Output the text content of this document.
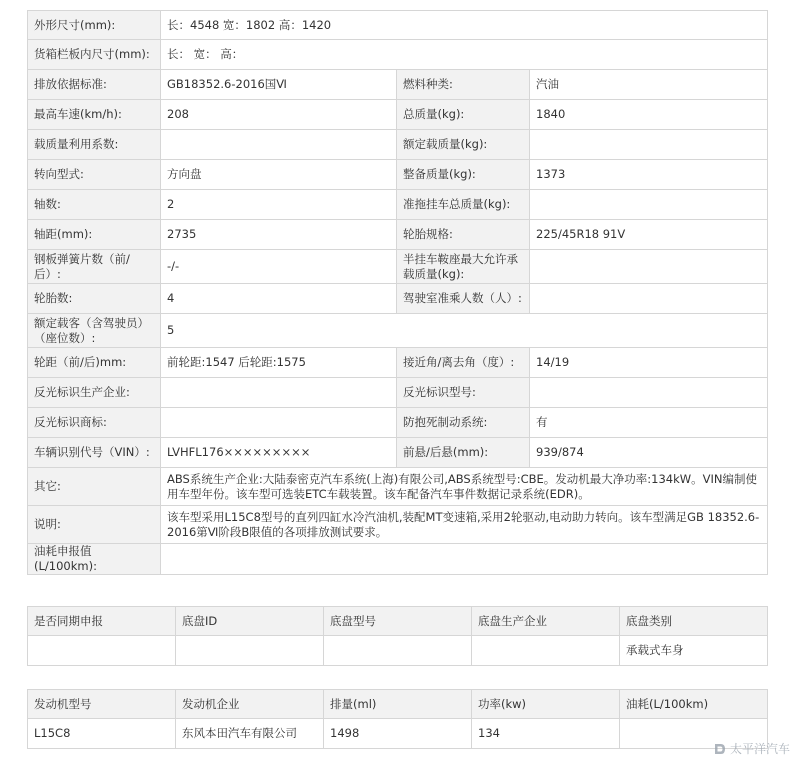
外形尺寸(mm):	长：4548 宽：1802 高：1420		
货箱栏板内尺寸(mm):	长： 宽： 高：		
排放依据标准:	GB18352.6-2016国Ⅵ	燃料种类:	汽油
最高车速(km/h):	208	总质量(kg):	1840
载质量利用系数:		额定载质量(kg):	
转向型式:	方向盘	整备质量(kg):	1373
轴数:	2	准拖挂车总质量(kg):	
轴距(mm):	2735	轮胎规格:	225/45R18 91V
钢板弹簧片数（前/后）:	-/-	半挂车鞍座最大允许承载质量(kg):	
轮胎数:	4	驾驶室准乘人数（人）:	
额定载客（含驾驶员）（座位数）:	5		
轮距（前/后)mm:	前轮距:1547 后轮距:1575	接近角/离去角（度）:	14/19
反光标识生产企业:		反光标识型号:	
反光标识商标:		防抱死制动系统:	有
车辆识别代号（VIN）:	LVHFL176×××××××××	前悬/后悬(mm):	939/874
其它:	ABS系统生产企业:大陆泰密克汽车系统(上海)有限公司,ABS系统型号:CBE。发动机最大净功率:134kW。VIN编制使用车型年份。该车型可选装ETC车载装置。该车配备汽车事件数据记录系统(EDR)。		
说明:	该车型采用L15C8型号的直列四缸水冷汽油机,装配MT变速箱,采用2轮驱动,电动助力转向。该车型满足GB 18352.6-2016第Ⅵ阶段B限值的各项排放测试要求。		
油耗申报值(L/100km):			
是否同期申报	底盘ID	底盘型号	底盘生产企业	底盘类别
				承载式车身
发动机型号	发动机企业	排量(ml)	功率(kw)	油耗(L/100km)
L15C8	东风本田汽车有限公司	1498	134	
太平洋汽车
